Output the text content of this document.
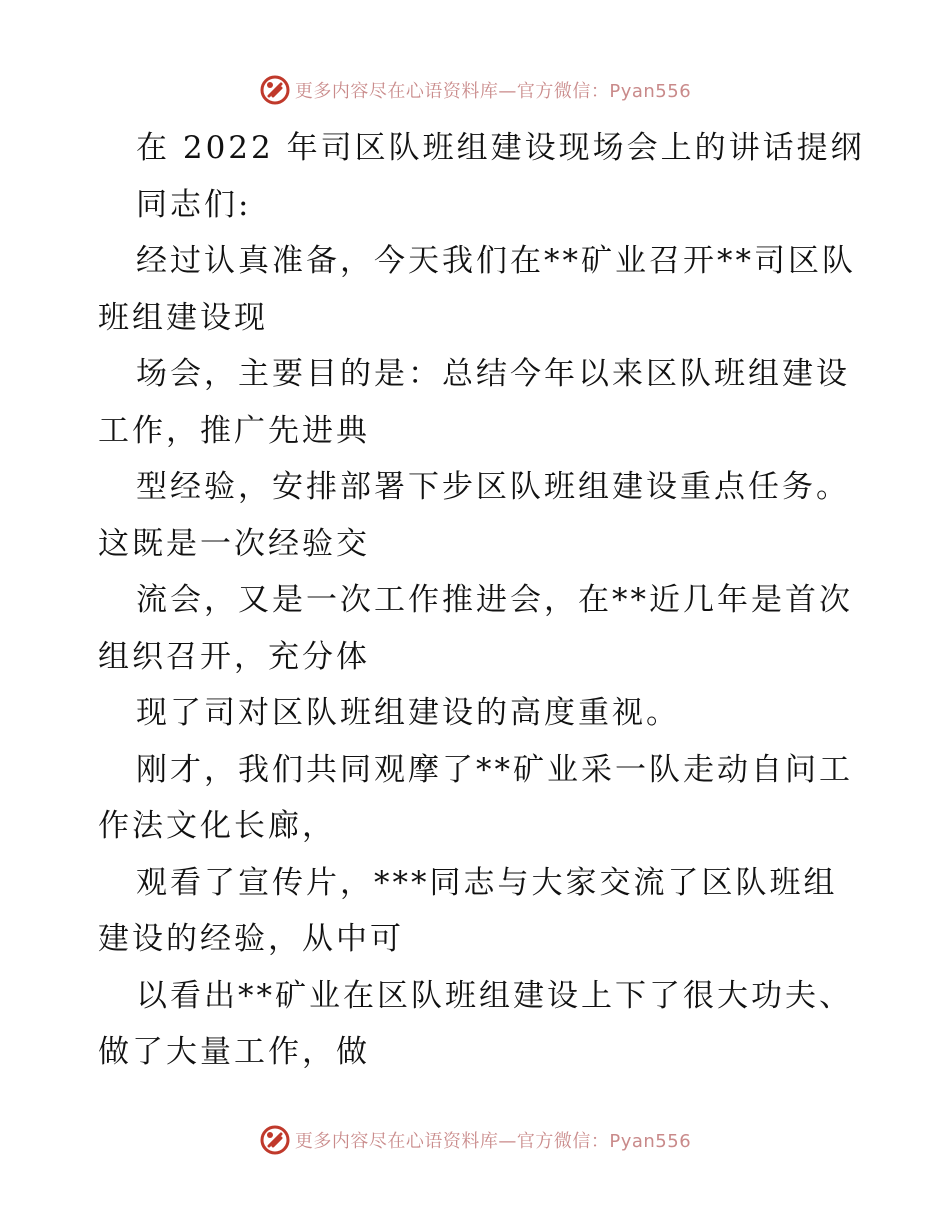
更多内容尽在心语资料库—官方微信：Pyan556
在 2022 年司区队班组建设现场会上的讲话提纲
同志们:
经过认真准备，今天我们在**矿业召开**司区队
班组建设现
场会，主要目的是：总结今年以来区队班组建设
工作，推广先进典
型经验，安排部署下步区队班组建设重点任务。
这既是一次经验交
流会，又是一次工作推进会，在**近几年是首次
组织召开，充分体
现了司对区队班组建设的高度重视。
刚才，我们共同观摩了**矿业采一队走动自问工
作法文化长廊，
观看了宣传片，***同志与大家交流了区队班组
建设的经验，从中可
以看出**矿业在区队班组建设上下了很大功夫、
做了大量工作，做
更多内容尽在心语资料库—官方微信：Pyan556
